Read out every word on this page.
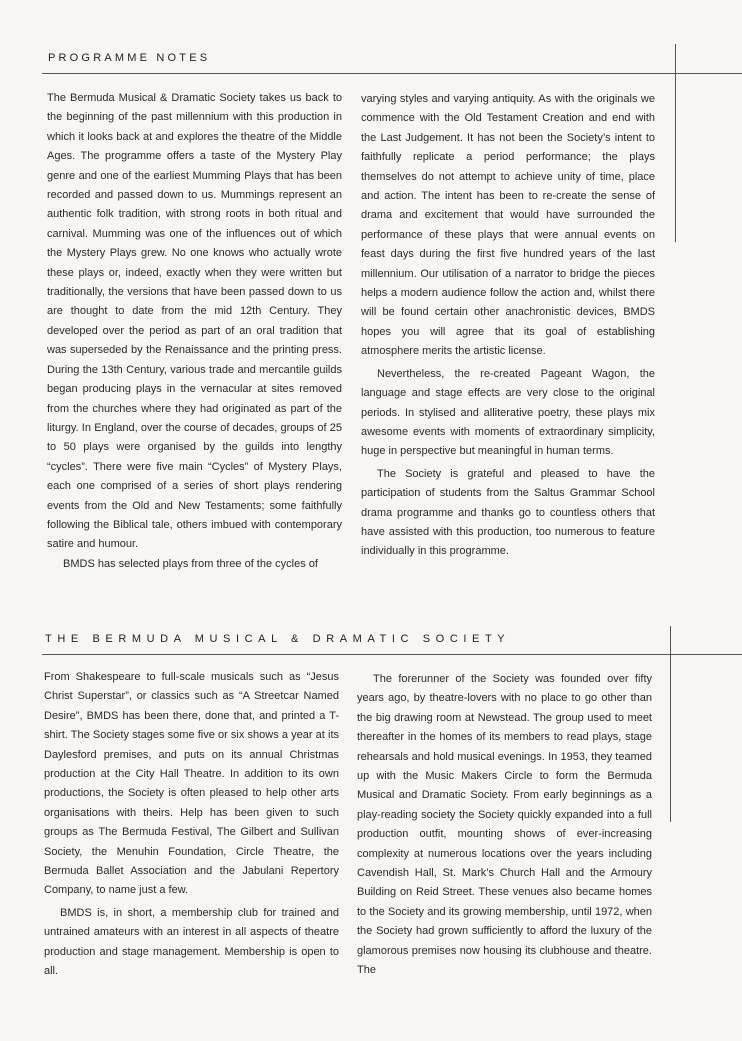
PROGRAMME NOTES

The Bermuda Musical & Dramatic Society takes us back to the beginning of the past millennium with this production in which it looks back at and explores the theatre of the Middle Ages. The programme offers a taste of the Mystery Play genre and one of the earliest Mumming Plays that has been recorded and passed down to us. Mummings represent an authentic folk tradition, with strong roots in both ritual and carnival. Mumming was one of the influences out of which the Mystery Plays grew. No one knows who actually wrote these plays or, indeed, exactly when they were written but traditionally, the versions that have been passed down to us are thought to date from the mid 12th Century. They developed over the period as part of an oral tradition that was superseded by the Renaissance and the printing press. During the 13th Century, various trade and mercantile guilds began producing plays in the vernacular at sites removed from the churches where they had originated as part of the liturgy. In England, over the course of decades, groups of 25 to 50 plays were organised by the guilds into lengthy “cycles”. There were five main “Cycles” of Mystery Plays, each one comprised of a series of short plays rendering events from the Old and New Testaments; some faithfully following the Biblical tale, others imbued with contemporary satire and humour.

BMDS has selected plays from three of the cycles of

varying styles and varying antiquity. As with the originals we commence with the Old Testament Creation and end with the Last Judgement. It has not been the Society’s intent to faithfully replicate a period performance; the plays themselves do not attempt to achieve unity of time, place and action. The intent has been to re-create the sense of drama and excitement that would have surrounded the performance of these plays that were annual events on feast days during the first five hundred years of the last millennium. Our utilisation of a narrator to bridge the pieces helps a modern audience follow the action and, whilst there will be found certain other anachronistic devices, BMDS hopes you will agree that its goal of establishing atmosphere merits the artistic license.

Nevertheless, the re-created Pageant Wagon, the language and stage effects are very close to the original periods. In stylised and alliterative poetry, these plays mix awesome events with moments of extraordinary simplicity, huge in perspective but meaningful in human terms.

The Society is grateful and pleased to have the participation of students from the Saltus Grammar School drama programme and thanks go to countless others that have assisted with this production, too numerous to feature individually in this programme.

THE BERMUDA MUSICAL & DRAMATIC SOCIETY

From Shakespeare to full-scale musicals such as “Jesus Christ Superstar”, or classics such as “A Streetcar Named Desire”, BMDS has been there, done that, and printed a T-shirt. The Society stages some five or six shows a year at its Daylesford premises, and puts on its annual Christmas production at the City Hall Theatre. In addition to its own productions, the Society is often pleased to help other arts organisations with theirs. Help has been given to such groups as The Bermuda Festival, The Gilbert and Sullivan Society, the Menuhin Foundation, Circle Theatre, the Bermuda Ballet Association and the Jabulani Repertory Company, to name just a few.

BMDS is, in short, a membership club for trained and untrained amateurs with an interest in all aspects of theatre production and stage management. Membership is open to all.

The forerunner of the Society was founded over fifty years ago, by theatre-lovers with no place to go other than the big drawing room at Newstead. The group used to meet thereafter in the homes of its members to read plays, stage rehearsals and hold musical evenings. In 1953, they teamed up with the Music Makers Circle to form the Bermuda Musical and Dramatic Society. From early beginnings as a play-reading society the Society quickly expanded into a full production outfit, mounting shows of ever-increasing complexity at numerous locations over the years including Cavendish Hall, St. Mark’s Church Hall and the Armoury Building on Reid Street. These venues also became homes to the Society and its growing membership, until 1972, when the Society had grown sufficiently to afford the luxury of the glamorous premises now housing its clubhouse and theatre. The
